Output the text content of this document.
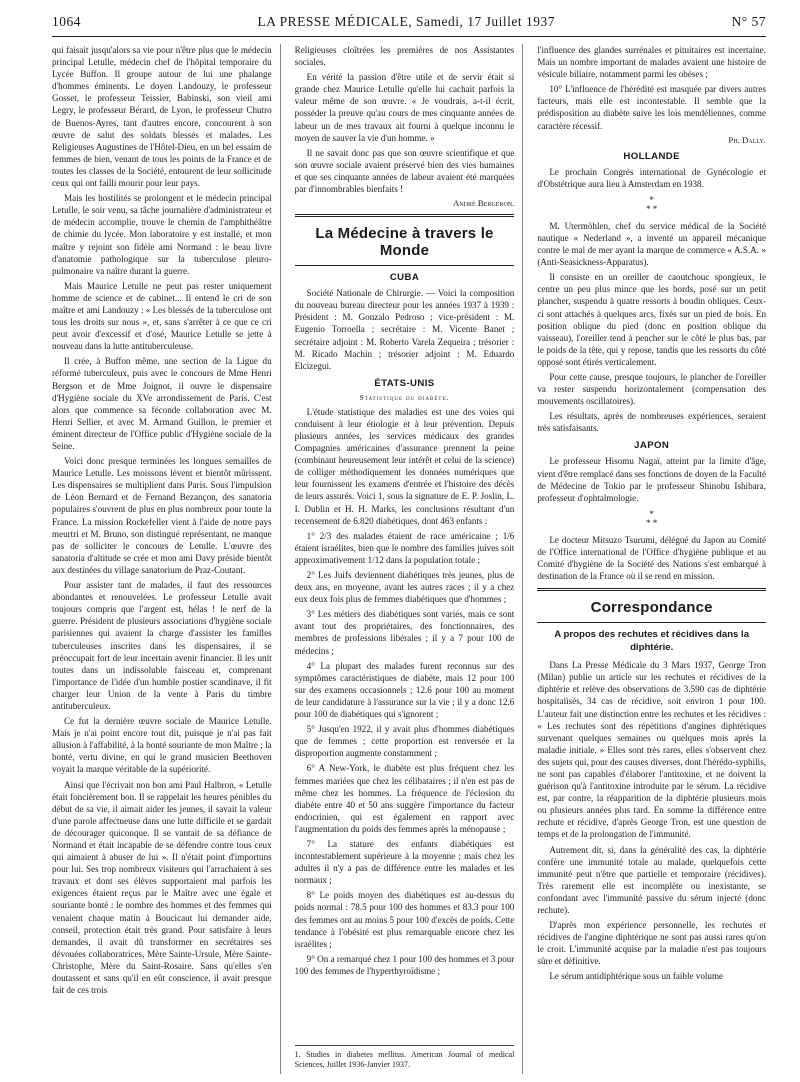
1064	LA PRESSE MÉDICALE, Samedi, 17 Juillet 1937	N° 57

qui faisait jusqu'alors sa vie pour n'être plus que le médecin principal Letulle, médecin chef de l'hôpital temporaire du Lycée Buffon. Il groupe autour de lui une phalange d'hommes éminents. Le doyen Landouzy, le professeur Gosset, le professeur Teissier, Babinski, son vieil ami Legry, le professeur Bérard, de Lyon, le professeur Chutro de Buenos-Ayres, tant d'autres encore, concourent à son œuvre de salut des soldats blessés et malades. Les Religieuses Augustines de l'Hôtel-Dieu, en un bel essaim de femmes de bien, venant de tous les points de la France et de toutes les classes de la Société, entourent de leur sollicitude ceux qui ont failli mourir pour leur pays.

Mais les hostilités se prolongent et le médecin principal Letulle, le soir venu, sa tâche journalière d'administrateur et de médecin accomplie, trouve le chemin de l'amphithéâtre de chimie du lycée. Mon laboratoire y est installé, et mon maître y rejoint son fidèle ami Normand : le beau livre d'anatomie pathologique sur la tuberculose pleuro-pulmonaire va naître durant la guerre.

Mais Maurice Letulle ne peut pas rester uniquement homme de science et de cabinet... Il entend le cri de son maître et ami Landouzy : « Les blessés de la tuberculose ont tous les droits sur nous », et, sans s'arrêter à ce que ce cri peut avoir d'excessif et d'osé, Maurice Letulle se jette à nouveau dans la lutte antituberculeuse.

Il crée, à Buffon même, une section de la Ligue du réformé tuberculeux, puis avec le concours de Mme Henri Bergson et de Mme Joignot, il ouvre le dispensaire d'Hygiène sociale du XVe arrondissement de Paris. C'est alors que commence sa féconde collaboration avec M. Henri Sellier, et avec M. Armand Guillon, le premier et éminent directeur de l'Office public d'Hygiène sociale de la Seine.

Voici donc presque terminées les longues semailles de Maurice Letulle. Les moissons lèvent et bientôt mûrissent. Les dispensaires se multiplient dans Paris. Sous l'impulsion de Léon Bernard et de Fernand Bezançon, des sanatoria populaires s'ouvrent de plus en plus nombreux pour toute la France. La mission Rockefeller vient à l'aide de notre pays meurtri et M. Bruno, son distingué représentant, ne manque pas de solliciter le concours de Letulle. L'œuvre des sanatoria d'altitude se crée et mon ami Davy préside bientôt aux destinées du village sanatorium de Praz-Coutant.

Pour assister tant de malades, il faut des ressources abondantes et renouvelées. Le professeur Letulle avait toujours compris que l'argent est, hélas ! le nerf de la guerre. Président de plusieurs associations d'hygiène sociale parisiennes qui avaient la charge d'assister les familles tuberculeuses inscrites dans les dispensaires, il se préoccupait fort de leur incertain avenir financier. Il les unit toutes dans un indissoluble faisceau et, comprenant l'importance de l'idée d'un humble postier scandinave, il fit charger leur Union de la vente à Paris du timbre antituberculeux.

Ce fut la dernière œuvre sociale de Maurice Letulle. Mais je n'ai point encore tout dit, puisque je n'ai pas fait allusion à l'affabilité, à la bonté souriante de mon Maître ; la bonté, vertu divine, en qui le grand musicien Beethoven voyait la marque véritable de la supériorité.

Ainsi que l'écrivait non bon ami Paul Halbron, « Letulle était foncièrement bon. Il se rappelait les heures pénibles du début de sa vie, il aimait aider les jeunes, il savait la valeur d'une parole affectueuse dans une lutte difficile et se gardait de décourager quiconque. Il se vantait de sa défiance de Normand et était incapable de se défendre contre tous ceux qui aimaient à abuser de lui ». Il n'était point d'importuns pour lui. Ses trop nombreux visiteurs qui l'arrachaient à ses travaux et dont ses élèves supportaient mal parfois les exigences étaient reçus par le Maître avec une égale et souriante bonté : le nombre des hommes et des femmes qui venaient chaque matin à Boucicaut lui demander aide, conseil, protection était très grand. Pour satisfaire à leurs demandes, il avait dû transformer en secrétaires ses dévouées collaboratrices, Mère Sainte-Ursule, Mère Sainte-Christophe, Mère du Saint-Rosaire. Sans qu'elles s'en doutassent et sans qu'il en eût conscience, il avait presque fait de ces trois

Religieuses cloîtrées les premières de nos Assistantes sociales.

En vérité la passion d'être utile et de servir était si grande chez Maurice Letulle qu'elle lui cachait parfois la valeur même de son œuvre. « Je voudrais, a-t-il écrit, posséder la preuve qu'au cours de mes cinquante années de labeur un de mes travaux ait fourni à quelque inconnu le moyen de sauver la vie d'un homme. »

Il ne savait donc pas que son œuvre scientifique et que son œuvre sociale avaient préservé bien des vies humaines et que ses cinquante années de labeur avaient été marquées par d'innombrables bienfaits !

André Bergeron.
La Médecine à travers le Monde
CUBA

Société Nationale de Chirurgie. — Voici la composition du nouveau bureau directeur pour les années 1937 à 1939 : Président : M. Gonzalo Pedroso ; vice-président : M. Eugenio Torroella ; secrétaire : M. Vicente Banet ; secrétaire adjoint : M. Roberto Varela Zequeira ; trésorier : M. Ricado Machin ; trésorier adjoint : M. Eduardo Elcizegui.

ÉTATS-UNIS
Statistique du diabète.

L'étude statistique des maladies est une des voies qui conduisent à leur étiologie et à leur prévention. Depuis plusieurs années, les services médicaux des grandes Compagnies américaines d'assurance prennent la peine (combinant heureusement leur intérêt et celui de la science) de colliger méthodiquement les données numériques que leur fournissent les examens d'entrée et l'histoire des décès de leurs assurés. Voici 1, sous la signature de E. P. Joslin, L. I. Dublin et H. H. Marks, les conclusions résultant d'un recensement de 6.820 diabétiques, dont 463 enfants :

1° 2/3 des malades étaient de race américaine ; 1/6 étaient israélites, bien que le nombre des familles juives soit approximativement 1/12 dans la population totale ;

2° Les Juifs deviennent diabétiques très jeunes, plus de deux ans, en moyenne, avant les autres races ; il y a chez eux deux fois plus de femmes diabétiques que d'hommes ;

3° Les métiers des diabétiques sont variés, mais ce sont avant tout des propriétaires, des fonctionnaires, des membres de professions libérales ; il y a 7 pour 100 de médecins ;

4° La plupart des malades furent reconnus sur des symptômes caractéristiques de diabète, mais 12 pour 100 sur des examens occasionnels ; 12.6 pour 100 au moment de leur candidature à l'assurance sur la vie ; il y a donc 12.6 pour 100 de diabétiques qui s'ignorent ;

5° Jusqu'en 1922, il y avait plus d'hommes diabétiques que de femmes ; cette proportion est renversée et la disproportion augmente constamment ;

6° A New-York, le diabète est plus fréquent chez les femmes mariées que chez les célibataires ; il n'en est pas de même chez les hommes. La fréquence de l'éclosion du diabète entre 40 et 50 ans suggère l'importance du facteur endocrinien, qui est également en rapport avec l'augmentation du poids des femmes après la ménopause ;

7° La stature des enfants diabétiques est incontestablement supérieure à la moyenne ; mais chez les adultes il n'y a pas de différence entre les malades et les normaux ;

8° Le poids moyen des diabétiques est au-dessus du poids normal : 78.5 pour 100 des hommes et 83.3 pour 100 des femmes ont au moins 5 pour 100 d'excès de poids. Cette tendance à l'obésité est plus remarquable encore chez les israélites ;

9° On a remarqué chez 1 pour 100 des hommes et 3 pour 100 des femmes de l'hyperthyroïdisme ;

1. Studies in diabetes mellitus. American Journal of medical Sciences, Juillet 1936-Janvier 1937.

l'influence des glandes surrénales et pituitaires est incertaine. Mais un nombre important de malades avaient une histoire de vésicule biliaire, notamment parmi les obèses ;

10° L'influence de l'hérédité est masquée par divers autres facteurs, mais elle est incontestable. Il semble que la prédisposition au diabète suive les lois mendéliennes, comme caractère récessif.

Ph. Dally.
HOLLANDE

Le prochain Congrès international de Gynécologie et d'Obstétrique aura lieu à Amsterdam en 1938.

*
* *

M. Utermöhlen, chef du service médical de la Société nautique « Nederland », a inventé un appareil mécanique contre le mal de mer ayant la marque de commerce « A.S.A. » (Anti-Seasickness-Apparatus).

Il consiste en un oreiller de caoutchouc spongieux, le centre un peu plus mince que les bords, posé sur un petit plancher, suspendu à quatre ressorts à boudin obliques. Ceux-ci sont attachés à quelques arcs, fixés sur un pied de bois. En position oblique du pied (donc en position oblique du vaisseau), l'oreiller tend à pencher sur le côté le plus bas, par le poids de la tête, qui y repose, tandis que les ressorts du côté opposé sont étirés verticalement.

Pour cette cause, presque toujours, le plancher de l'oreiller va rester suspendu horizontalement (compensation des mouvements oscillatoires).

Les résultats, après de nombreuses expériences, seraient très satisfaisants.

JAPON

Le professeur Hisomu Nagaï, atteint par la limite d'âge, vient d'être remplacé dans ses fonctions de doyen de la Faculté de Médecine de Tokio par le professeur Shinobu Ishibara, professeur d'ophtalmologie.

*
* *

Le docteur Mitsuzo Tsurumi, délégué du Japon au Comité de l'Office international de l'Office d'hygiène publique et au Comité d'hygiène de la Société des Nations s'est embarqué à destination de la France où il se rend en mission.

Correspondance
A propos des rechutes et récidives dans la diphtérie.

Dans La Presse Médicale du 3 Mars 1937, George Tron (Milan) publie un article sur les rechutes et récidives de la diphtérie et relève des observations de 3.590 cas de diphtérie hospitalisés, 34 cas de récidive, soit environ 1 pour 100. L'auteur fait une distinction entre les rechutes et les récidives : « Les rechutes sont des répétitions d'angines diphtériques survenant quelques semaines ou quelques mois après la maladie initiale. » Elles sont très rares, elles s'observent chez des sujets qui, pour des causes diverses, dont l'hérédo-syphilis, ne sont pas capables d'élaborer l'antitoxine, et ne doivent la guérison qu'à l'antitoxine introduite par le sérum. La récidive est, par contre, la réapparition de la diphtérie plusieurs mois ou plusieurs années plus tard. En somme la différence entre rechute et récidive, d'après George Tron, est une question de temps et de la prolongation de l'immunité.

Autrement dit, si, dans la généralité des cas, la diphtérie confère une immunité totale au malade, quelquefois cette immunité peut n'être que partielle et temporaire (récidives). Très rarement elle est incomplète ou inexistante, se confondant avec l'immunité passive du sérum injecté (donc rechute).

D'après mon expérience personnelle, les rechutes et récidives de l'angine diphtérique ne sont pas aussi rares qu'on le croit. L'immunité acquise par la maladie n'est pas toujours sûre et définitive.

Le sérum antidiphtérique sous un faible volume
